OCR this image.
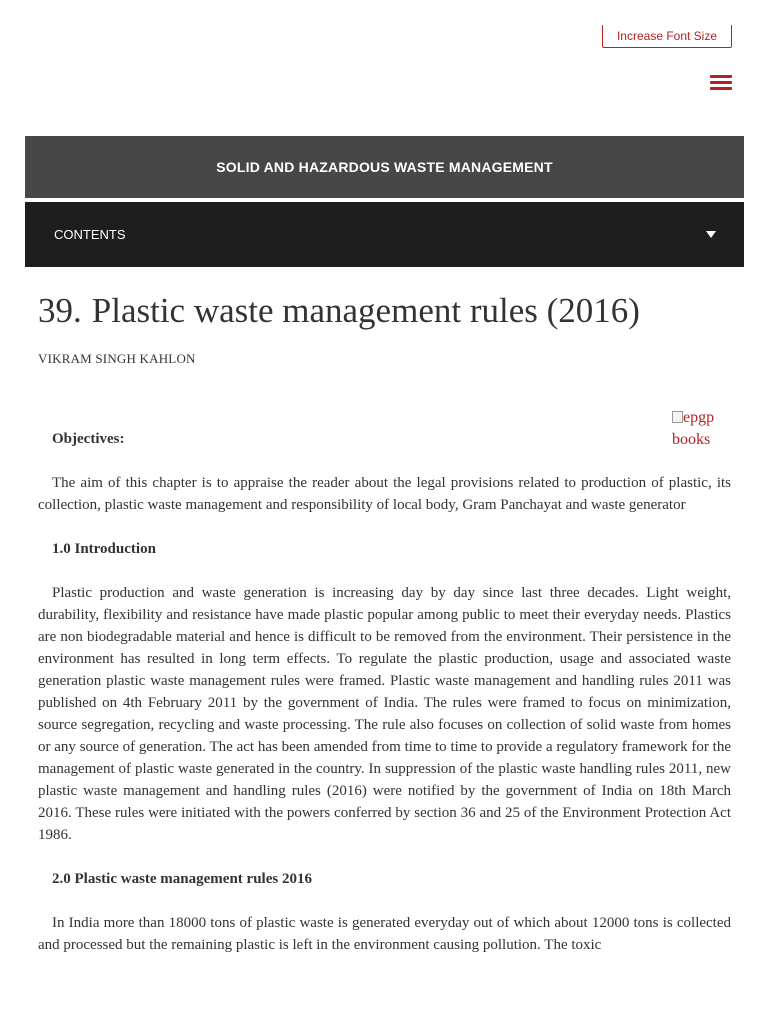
Increase Font Size
SOLID AND HAZARDOUS WASTE MANAGEMENT
CONTENTS
39. Plastic waste management rules (2016)
VIKRAM SINGH KAHLON
epgp books
Objectives:

The aim of this chapter is to appraise the reader about the legal provisions related to production of plastic, its collection, plastic waste management and responsibility of local body, Gram Panchayat and waste generator

1.0 Introduction

Plastic production and waste generation is increasing day by day since last three decades. Light weight, durability, flexibility and resistance have made plastic popular among public to meet their everyday needs. Plastics are non biodegradable material and hence is difficult to be removed from the environment. Their persistence in the environment has resulted in long term effects. To regulate the plastic production, usage and associated waste generation plastic waste management rules were framed. Plastic waste management and handling rules 2011 was published on 4th February 2011 by the government of India. The rules were framed to focus on minimization, source segregation, recycling and waste processing. The rule also focuses on collection of solid waste from homes or any source of generation. The act has been amended from time to time to provide a regulatory framework for the management of plastic waste generated in the country. In suppression of the plastic waste handling rules 2011, new plastic waste management and handling rules (2016) were notified by the government of India on 18th March 2016. These rules were initiated with the powers conferred by section 36 and 25 of the Environment Protection Act 1986.

2.0 Plastic waste management rules 2016

In India more than 18000 tons of plastic waste is generated everyday out of which about 12000 tons is collected and processed but the remaining plastic is left in the environment causing pollution. The toxic
